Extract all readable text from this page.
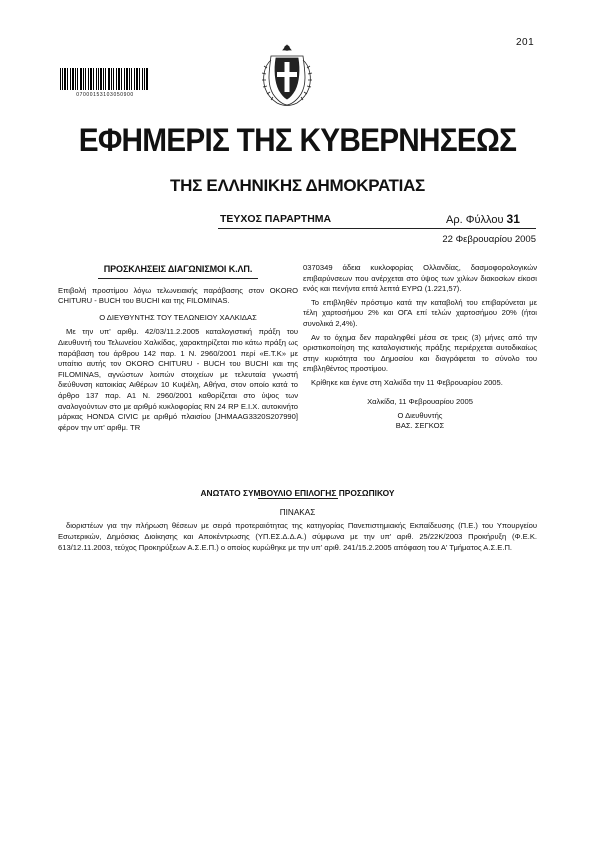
201
07000153103050900
ΕΦΗΜΕΡΙΣ ΤΗΣ ΚΥΒΕΡΝΗΣΕΩΣ
ΤΗΣ ΕΛΛΗΝΙΚΗΣ ΔΗΜΟΚΡΑΤΙΑΣ
ΤΕΥΧΟΣ ΠΑΡΑΡΤΗΜΑ	Αρ. Φύλλου 31
22 Φεβρουαρίου 2005
ΠΡΟΣΚΛΗΣΕΙΣ ΔΙΑΓΩΝΙΣΜΟΙ Κ.ΛΠ.

Επιβολή προστίμου λόγω τελωνειακής παράβασης στον OKORO CHITURU - BUCH του BUCHI και της FILOMINAS.

Ο ΔΙΕΥΘΥΝΤΗΣ ΤΟΥ ΤΕΛΩΝΕΙΟΥ ΧΑΛΚΙΔΑΣ

Με την υπ' αριθμ. 42/03/11.2.2005 καταλογιστική πράξη του Διευθυντή του Τελωνείου Χαλκίδας, χαρακτηρίζεται πιο κάτω πράξη ως παράβαση του άρθρου 142 παρ. 1 Ν. 2960/2001 περί «Ε.Τ.Κ» με υπαίτιο αυτής τον OKORO CHITURU - BUCH του BUCHI και της FILOMINAS, αγνώστων λοιπών στοιχείων με τελευταία γνωστή διεύθυνση κατοικίας Αιθέρων 10 Κυψέλη, Αθήνα, στον οποίο κατά το άρθρο 137 παρ. Α1 Ν. 2960/2001 καθορίζεται στο ύψος των αναλογούντων στο με αριθμό κυκλοφορίας RN 24 RP E.I.X. αυτοκινήτο μάρκας HONDA CIVIC με αριθμό πλαισίου [JHMAAG3320S207990] φέρον την υπ' αριθμ. TR

0370349 άδεια κυκλοφορίας Ολλανδίας, δασμοφορολογικών επιβαρύνσεων που ανέρχεται στο ύψος των χιλίων διακοσίων είκοσι ενός και πενήντα επτά λεπτά ΕΥΡΩ (1.221,57).

Το επιβληθέν πρόστιμο κατά την καταβολή του επιβαρύνεται με τέλη χαρτοσήμου 2% και ΟΓΑ επί τελών χαρτοσήμου 20% (ήτοι συνολικά 2,4%).

Αν το όχημα δεν παραληφθεί μέσα σε τρεις (3) μήνες από την οριστικοποίηση της καταλογιστικής πράξης περιέρχεται αυτοδικαίως στην κυριότητα του Δημοσίου και διαγράφεται το σύνολο του επιβληθέντος προστίμου.

Κρίθηκε και έγινε στη Χαλκίδα την 11 Φεβρουαρίου 2005.

Χαλκίδα, 11 Φεβρουαρίου 2005

Ο Διευθυντής

ΒΑΣ. ΣΕΓΚΟΣ

ΑΝΩΤΑΤΟ ΣΥΜΒΟΥΛΙΟ ΕΠΙΛΟΓΗΣ ΠΡΟΣΩΠΙΚΟΥ
ΠΙΝΑΚΑΣ
διοριστέων για την πλήρωση θέσεων με σειρά προτεραιότητας της κατηγορίας Πανεπιστημιακής Εκπαίδευσης (Π.Ε.) του Υπουργείου Εσωτερικών, Δημόσιας Διοίκησης και Αποκέντρωσης (ΥΠ.ΕΣ.Δ.Δ.Α.) σύμφωνα με την υπ' αριθ. 25/22Κ/2003 Προκήρυξη (Φ.Ε.Κ. 613/12.11.2003, τεύχος Προκηρύξεων Α.Σ.Ε.Π.) ο οποίος κυρώθηκε με την υπ' αριθ. 241/15.2.2005 απόφαση του Α' Τμήματος Α.Σ.Ε.Π.
